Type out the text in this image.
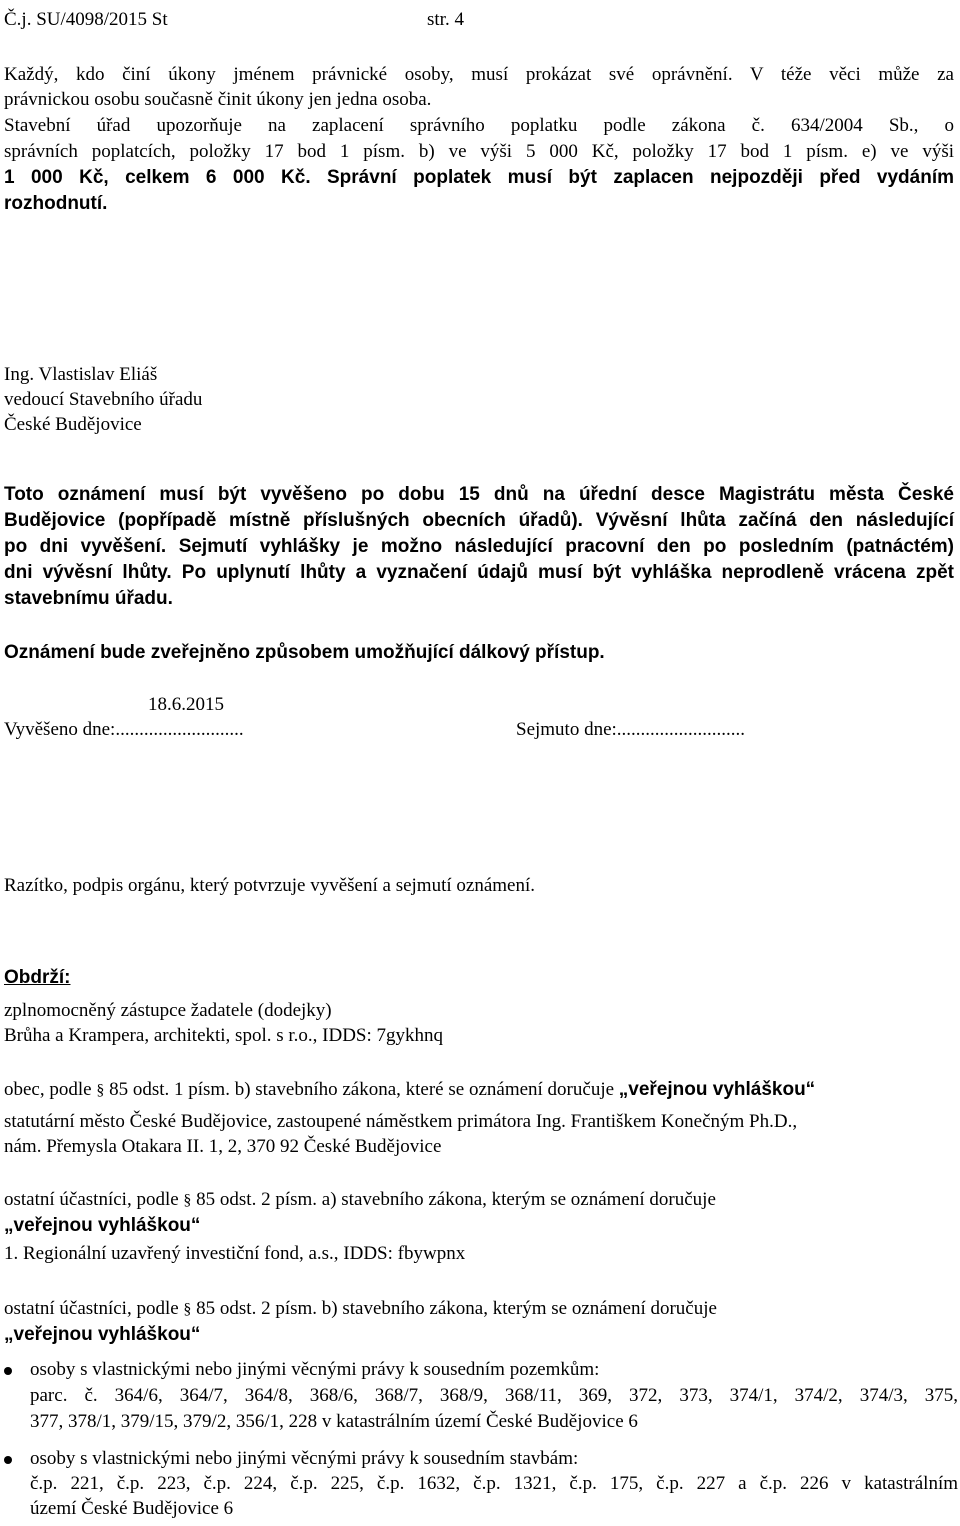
Č.j. SU/4098/2015 St	str. 4
Každý, kdo činí úkony jménem právnické osoby, musí prokázat své oprávnění. V téže věci může za
právnickou osobu současně činit úkony jen jedna osoba.
Stavební úřad upozorňuje na zaplacení správního poplatku podle zákona č. 634/2004 Sb., o
správních poplatcích, položky 17 bod 1 písm. b) ve výši 5 000 Kč, položky 17 bod 1 písm. e) ve výši
1 000 Kč, celkem 6 000 Kč. Správní poplatek musí být zaplacen nejpozději před vydáním
rozhodnutí.
Ing. Vlastislav Eliáš
vedoucí Stavebního úřadu
České Budějovice
Toto oznámení musí být vyvěšeno po dobu 15 dnů na úřední desce Magistrátu města České
Budějovice (popřípadě místně příslušných obecních úřadů). Vývěsní lhůta začíná den následující
po dni vyvěšení. Sejmutí vyhlášky je možno následující pracovní den po posledním (patnáctém)
dni vývěsní lhůty. Po uplynutí lhůty a vyznačení údajů musí být vyhláška neprodleně vrácena zpět
stavebnímu úřadu.
Oznámení bude zveřejněno způsobem umožňující dálkový přístup.
18.6.2015
Vyvěšeno dne:...........................	Sejmuto dne:...........................
Razítko, podpis orgánu, který potvrzuje vyvěšení a sejmutí oznámení.
Obdrží:
zplnomocněný zástupce žadatele (dodejky)
Brůha a Krampera, architekti, spol. s r.o., IDDS: 7gykhnq
obec, podle § 85 odst. 1 písm. b) stavebního zákona, které se oznámení doručuje „veřejnou vyhláškou“
statutární město České Budějovice, zastoupené náměstkem primátora Ing. Františkem Konečným Ph.D.,
nám. Přemysla Otakara II. 1, 2, 370 92 České Budějovice
ostatní účastníci, podle § 85 odst. 2 písm. a) stavebního zákona, kterým se oznámení doručuje
„veřejnou vyhláškou“
1. Regionální uzavřený investiční fond, a.s., IDDS: fbywpnx
ostatní účastníci, podle § 85 odst. 2 písm. b) stavebního zákona, kterým se oznámení doručuje
„veřejnou vyhláškou“
osoby s vlastnickými nebo jinými věcnými právy k sousedním pozemkům:
parc. č. 364/6, 364/7, 364/8, 368/6, 368/7, 368/9, 368/11, 369, 372, 373, 374/1, 374/2, 374/3, 375,
377, 378/1, 379/15, 379/2, 356/1, 228 v katastrálním území České Budějovice 6
osoby s vlastnickými nebo jinými věcnými právy k sousedním stavbám:
č.p. 221, č.p. 223, č.p. 224, č.p. 225, č.p. 1632, č.p. 1321, č.p. 175, č.p. 227 a č.p. 226 v katastrálním
území České Budějovice 6
